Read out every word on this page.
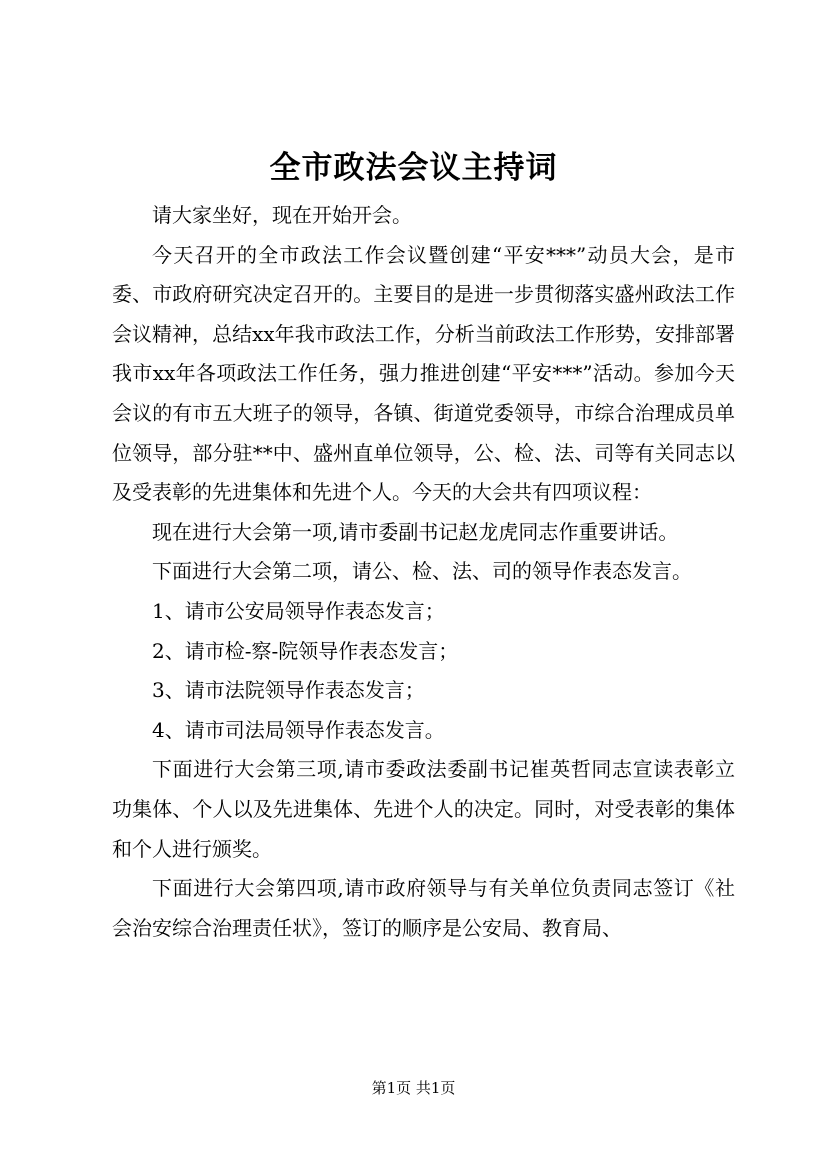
全市政法会议主持词

请大家坐好，现在开始开会。

今天召开的全市政法工作会议暨创建“平安***”动员大会，是市委、市政府研究决定召开的。主要目的是进一步贯彻落实盛州政法工作会议精神，总结xx年我市政法工作，分析当前政法工作形势，安排部署我市xx年各项政法工作任务，强力推进创建“平安***”活动。参加今天会议的有市五大班子的领导，各镇、街道党委领导，市综合治理成员单位领导，部分驻**中、盛州直单位领导，公、检、法、司等有关同志以及受表彰的先进集体和先进个人。今天的大会共有四项议程：

现在进行大会第一项,请市委副书记赵龙虎同志作重要讲话。

下面进行大会第二项，请公、检、法、司的领导作表态发言。

1、请市公安局领导作表态发言；

2、请市检-察-院领导作表态发言；

3、请市法院领导作表态发言；

4、请市司法局领导作表态发言。

下面进行大会第三项,请市委政法委副书记崔英哲同志宣读表彰立功集体、个人以及先进集体、先进个人的决定。同时，对受表彰的集体和个人进行颁奖。

下面进行大会第四项,请市政府领导与有关单位负责同志签订《社会治安综合治理责任状》，签订的顺序是公安局、教育局、

第1页 共1页
